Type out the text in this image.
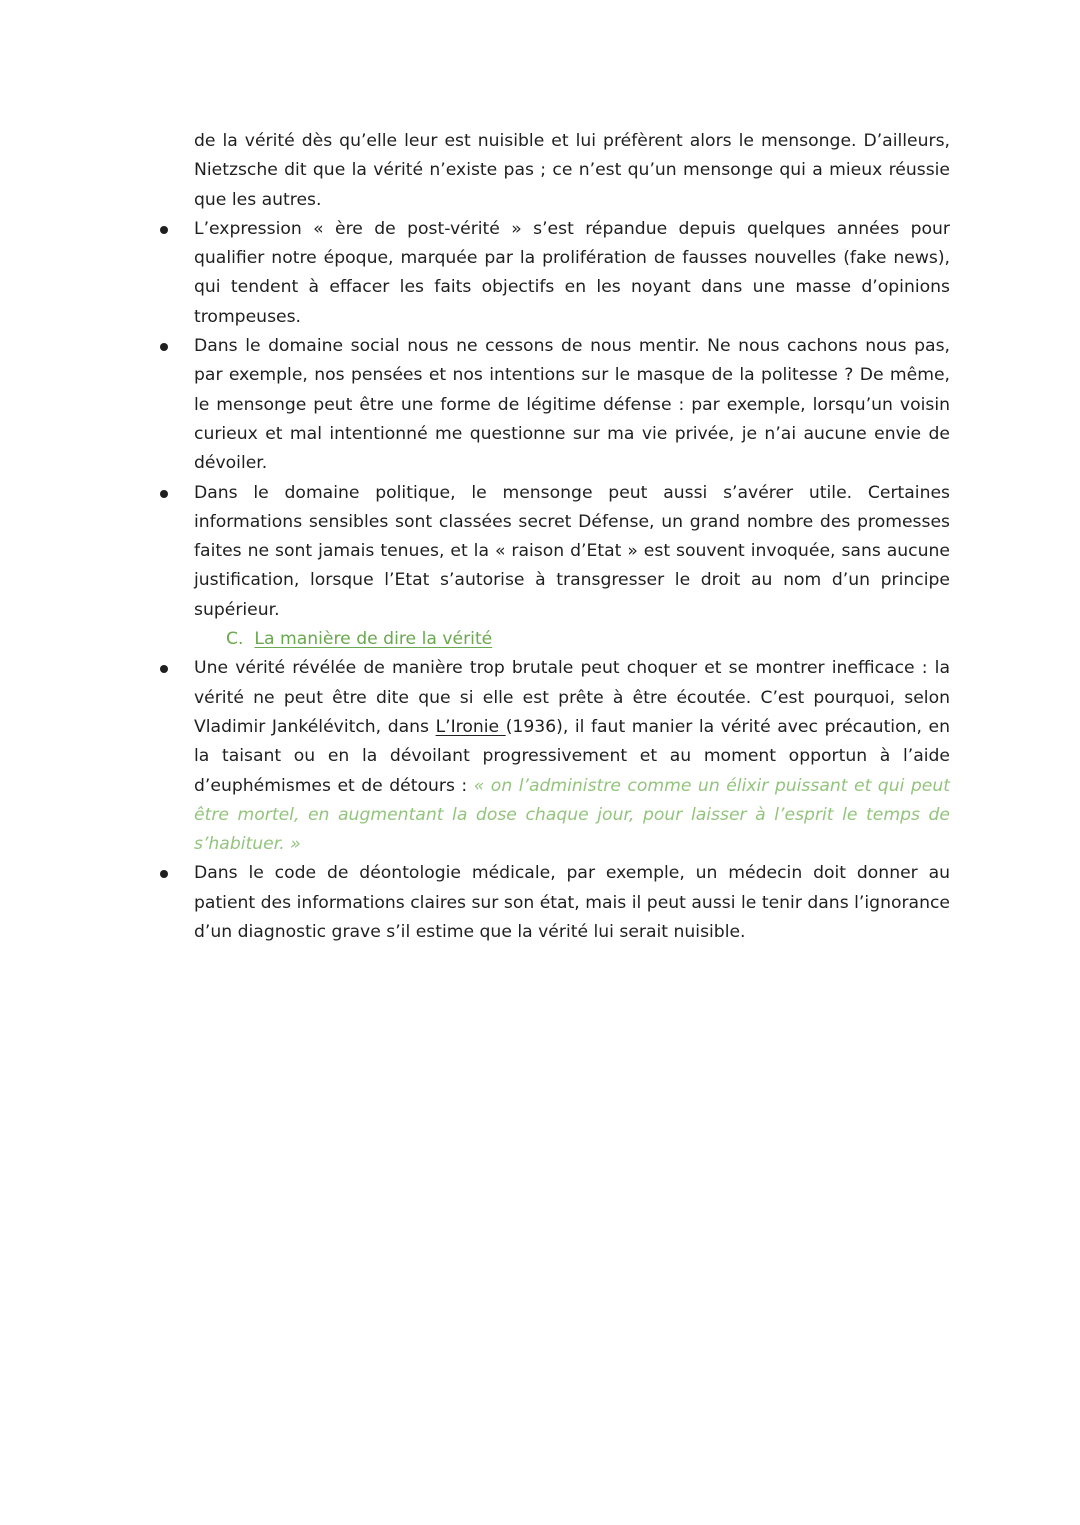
de la vérité dès qu’elle leur est nuisible et lui préfèrent alors le mensonge. D’ailleurs, Nietzsche dit que la vérité n’existe pas ; ce n’est qu’un mensonge qui a mieux réussie que les autres.

L’expression « ère de post-vérité » s’est répandue depuis quelques années pour qualifier notre époque, marquée par la prolifération de fausses nouvelles (fake news), qui tendent à effacer les faits objectifs en les noyant dans une masse d’opinions trompeuses.
Dans le domaine social nous ne cessons de nous mentir. Ne nous cachons nous pas, par exemple, nos pensées et nos intentions sur le masque de la politesse ? De même, le mensonge peut être une forme de légitime défense : par exemple, lorsqu’un voisin curieux et mal intentionné me questionne sur ma vie privée, je n’ai aucune envie de dévoiler.
Dans le domaine politique, le mensonge peut aussi s’avérer utile. Certaines informations sensibles sont classées secret Défense, un grand nombre des promesses faites ne sont jamais tenues, et la « raison d’Etat » est souvent invoquée, sans aucune justification, lorsque l’Etat s’autorise à transgresser le droit au nom d’un principe supérieur.
C. La manière de dire la vérité
Une vérité révélée de manière trop brutale peut choquer et se montrer inefficace : la vérité ne peut être dite que si elle est prête à être écoutée. C’est pourquoi, selon Vladimir Jankélévitch, dans L’Ironie (1936), il faut manier la vérité avec précaution, en la taisant ou en la dévoilant progressivement et au moment opportun à l’aide d’euphémismes et de détours : « on l’administre comme un élixir puissant et qui peut être mortel, en augmentant la dose chaque jour, pour laisser à l’esprit le temps de s’habituer. »
Dans le code de déontologie médicale, par exemple, un médecin doit donner au patient des informations claires sur son état, mais il peut aussi le tenir dans l’ignorance d’un diagnostic grave s’il estime que la vérité lui serait nuisible.
